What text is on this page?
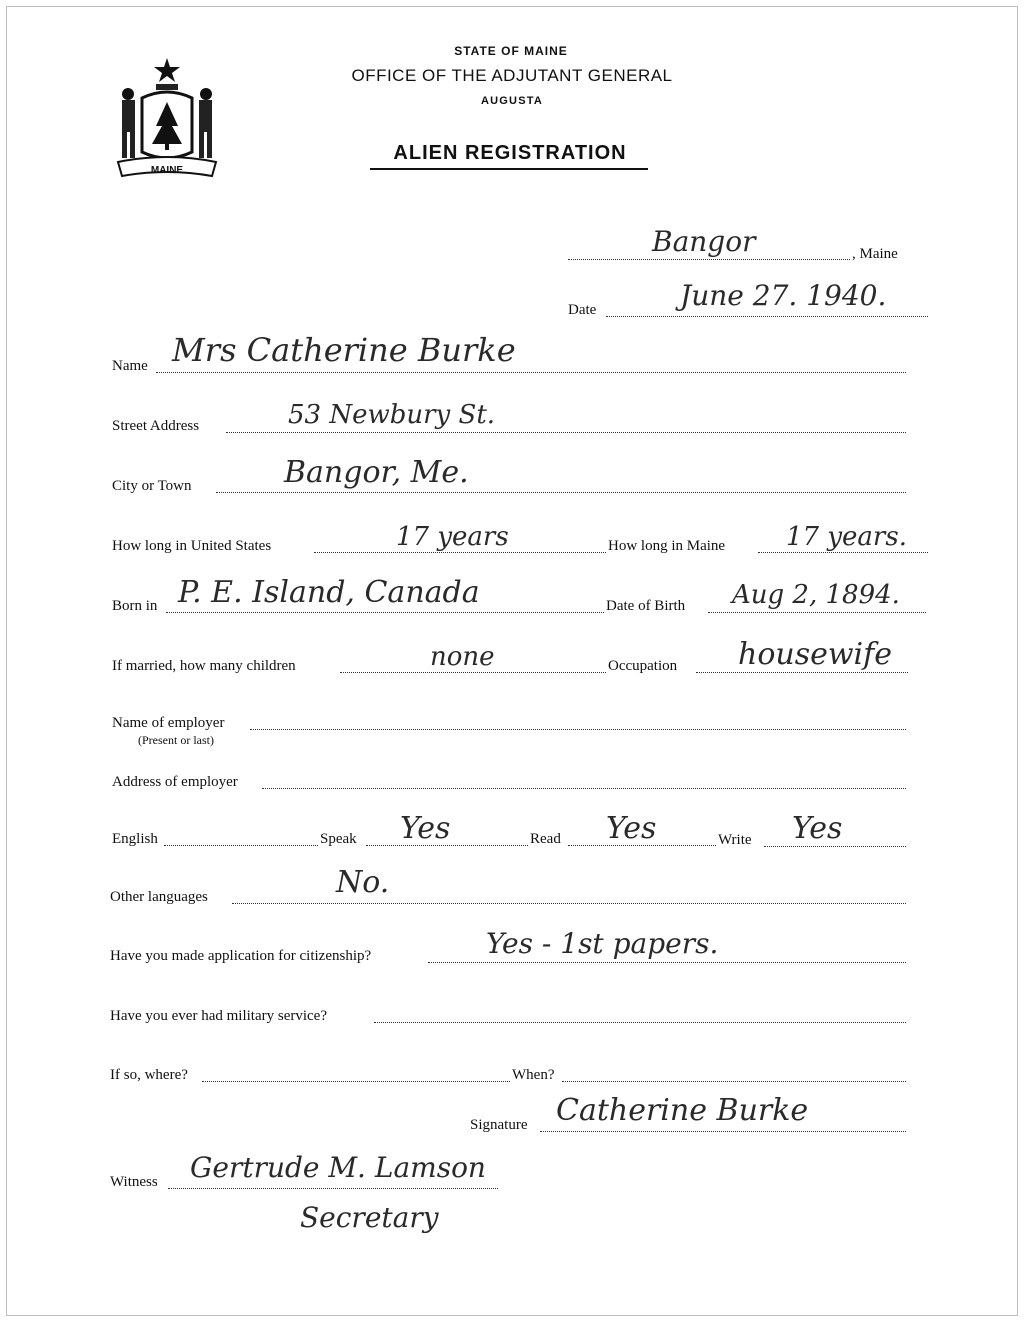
MAINE
STATE OF MAINE
OFFICE OF THE ADJUTANT GENERAL
AUGUSTA
ALIEN REGISTRATION
Bangor	, Maine
Date	June 27. 1940.
Name Mrs Catherine Burke
Street Address	53 Newbury St.
City or Town	Bangor, Me.
How long in United States	17 years	How long in Maine 17 years.
Born in P. E. Island, Canada	Date of Birth Aug 2, 1894.
If married, how many children	none	Occupation housewife
Name of employer
(Present or last)
Address of employer
English	Speak Yes	Read Yes	Write Yes
Other languages	No.
Have you made application for citizenship?	Yes - 1st papers.
Have you ever had military service?
If so, where?	When?
Signature Catherine Burke
Witness Gertrude M. Lamson
Secretary
